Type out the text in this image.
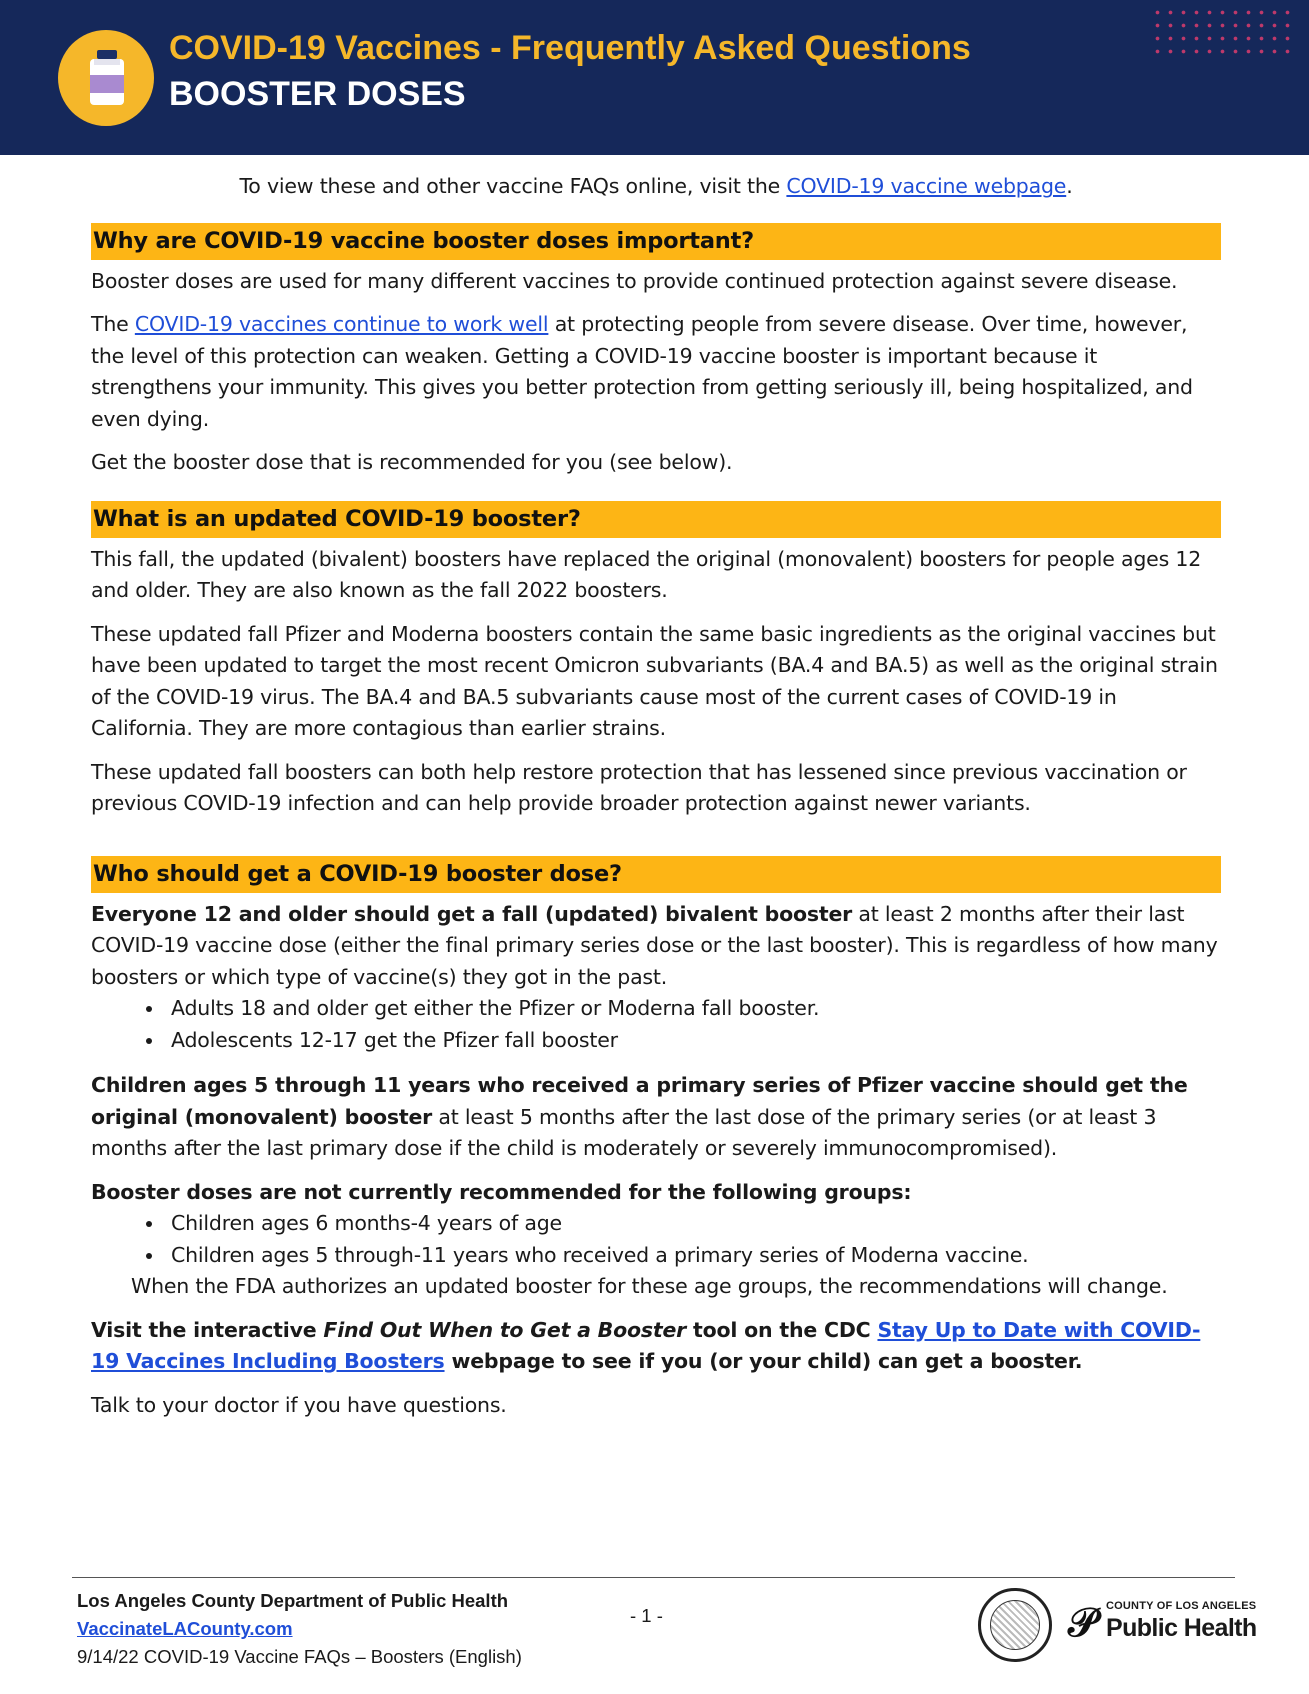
COVID-19 Vaccines - Frequently Asked Questions
BOOSTER DOSES

To view these and other vaccine FAQs online, visit the COVID-19 vaccine webpage.

Why are COVID-19 vaccine booster doses important?

Booster doses are used for many different vaccines to provide continued protection against severe disease.

The COVID-19 vaccines continue to work well at protecting people from severe disease. Over time, however, the level of this protection can weaken. Getting a COVID-19 vaccine booster is important because it strengthens your immunity. This gives you better protection from getting seriously ill, being hospitalized, and even dying.

Get the booster dose that is recommended for you (see below).

What is an updated COVID-19 booster?

This fall, the updated (bivalent) boosters have replaced the original (monovalent) boosters for people ages 12 and older. They are also known as the fall 2022 boosters.

These updated fall Pfizer and Moderna boosters contain the same basic ingredients as the original vaccines but have been updated to target the most recent Omicron subvariants (BA.4 and BA.5) as well as the original strain of the COVID-19 virus. The BA.4 and BA.5 subvariants cause most of the current cases of COVID-19 in California. They are more contagious than earlier strains.

These updated fall boosters can both help restore protection that has lessened since previous vaccination or previous COVID-19 infection and can help provide broader protection against newer variants.

Who should get a COVID-19 booster dose?

Everyone 12 and older should get a fall (updated) bivalent booster at least 2 months after their last COVID-19 vaccine dose (either the final primary series dose or the last booster). This is regardless of how many boosters or which type of vaccine(s) they got in the past.

• Adults 18 and older get either the Pfizer or Moderna fall booster.
• Adolescents 12-17 get the Pfizer fall booster

Children ages 5 through 11 years who received a primary series of Pfizer vaccine should get the original (monovalent) booster at least 5 months after the last dose of the primary series (or at least 3 months after the last primary dose if the child is moderately or severely immunocompromised).

Booster doses are not currently recommended for the following groups:

• Children ages 6 months-4 years of age
• Children ages 5 through-11 years who received a primary series of Moderna vaccine.

When the FDA authorizes an updated booster for these age groups, the recommendations will change.

Visit the interactive Find Out When to Get a Booster tool on the CDC Stay Up to Date with COVID-19 Vaccines Including Boosters webpage to see if you (or your child) can get a booster.

Talk to your doctor if you have questions.

Los Angeles County Department of Public Health
VaccinateLACounty.com
9/14/22 COVID-19 Vaccine FAQs – Boosters (English)
- 1 -	𝒫 COUNTY OF LOS ANGELES
Public Health
